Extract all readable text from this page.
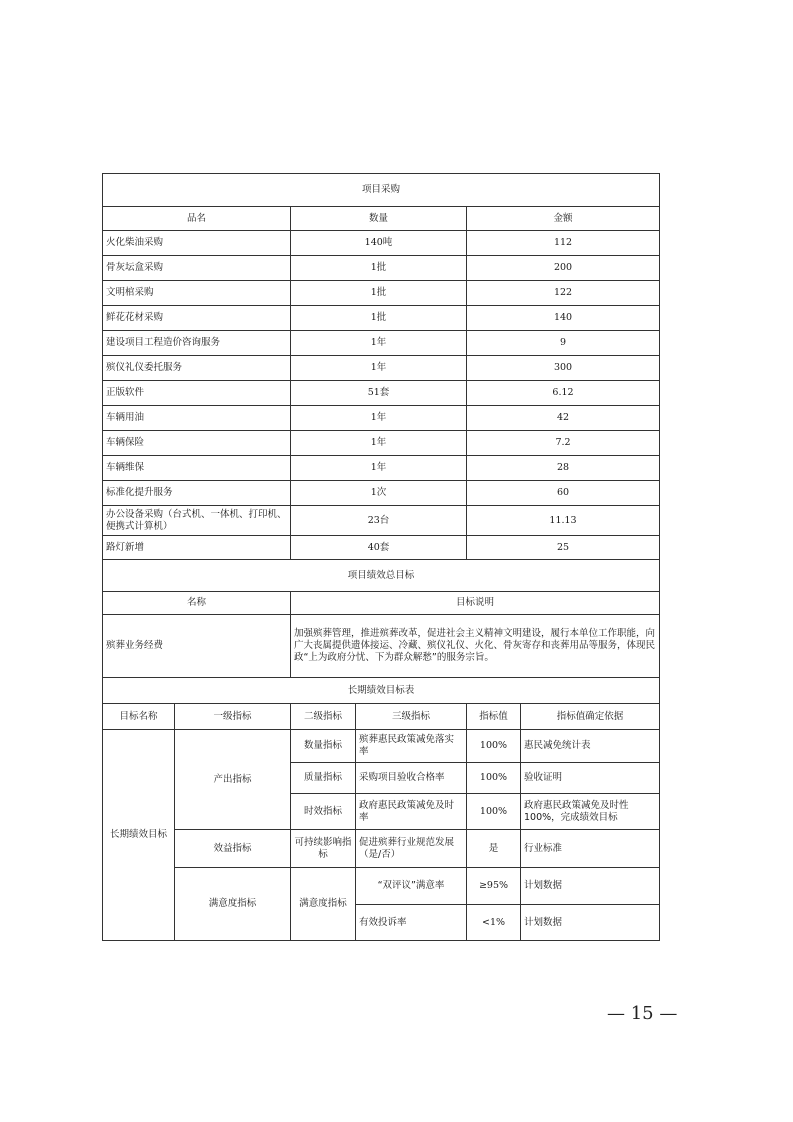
项目采购					
品名		数量		金额	
火化柴油采购		140吨		112	
骨灰坛盒采购		1批		200	
文明棺采购		1批		122	
鲜花花材采购		1批		140	
建设项目工程造价咨询服务		1年		9	
殡仪礼仪委托服务		1年		300	
正版软件		51套		6.12	
车辆用油		1年		42	
车辆保险		1年		7.2	
车辆维保		1年		28	
标准化提升服务		1次		60	
办公设备采购（台式机、一体机、打印机、便携式计算机）		23台		11.13	
路灯新增		40套		25	
项目绩效总目标					
名称		目标说明			
殡葬业务经费		加强殡葬管理，推进殡葬改革，促进社会主义精神文明建设，履行本单位工作职能，向广大丧属提供遗体接运、冷藏、殡仪礼仪、火化、骨灰寄存和丧葬用品等服务，体现民政“上为政府分忧、下为群众解愁”的服务宗旨。			
长期绩效目标表					
目标名称	一级指标	二级指标	三级指标	指标值	指标值确定依据
长期绩效目标	产出指标	数量指标	殡葬惠民政策减免落实率	100%	惠民减免统计表
		质量指标	采购项目验收合格率	100%	验收证明
		时效指标	政府惠民政策减免及时率	100%	政府惠民政策减免及时性100%，完成绩效目标
	效益指标	可持续影响指标	促进殡葬行业规范发展（是/否）	是	行业标准
	满意度指标	满意度指标	“双评议”满意率	≥95%	计划数据
			有效投诉率	<1%	计划数据
— 15 —
